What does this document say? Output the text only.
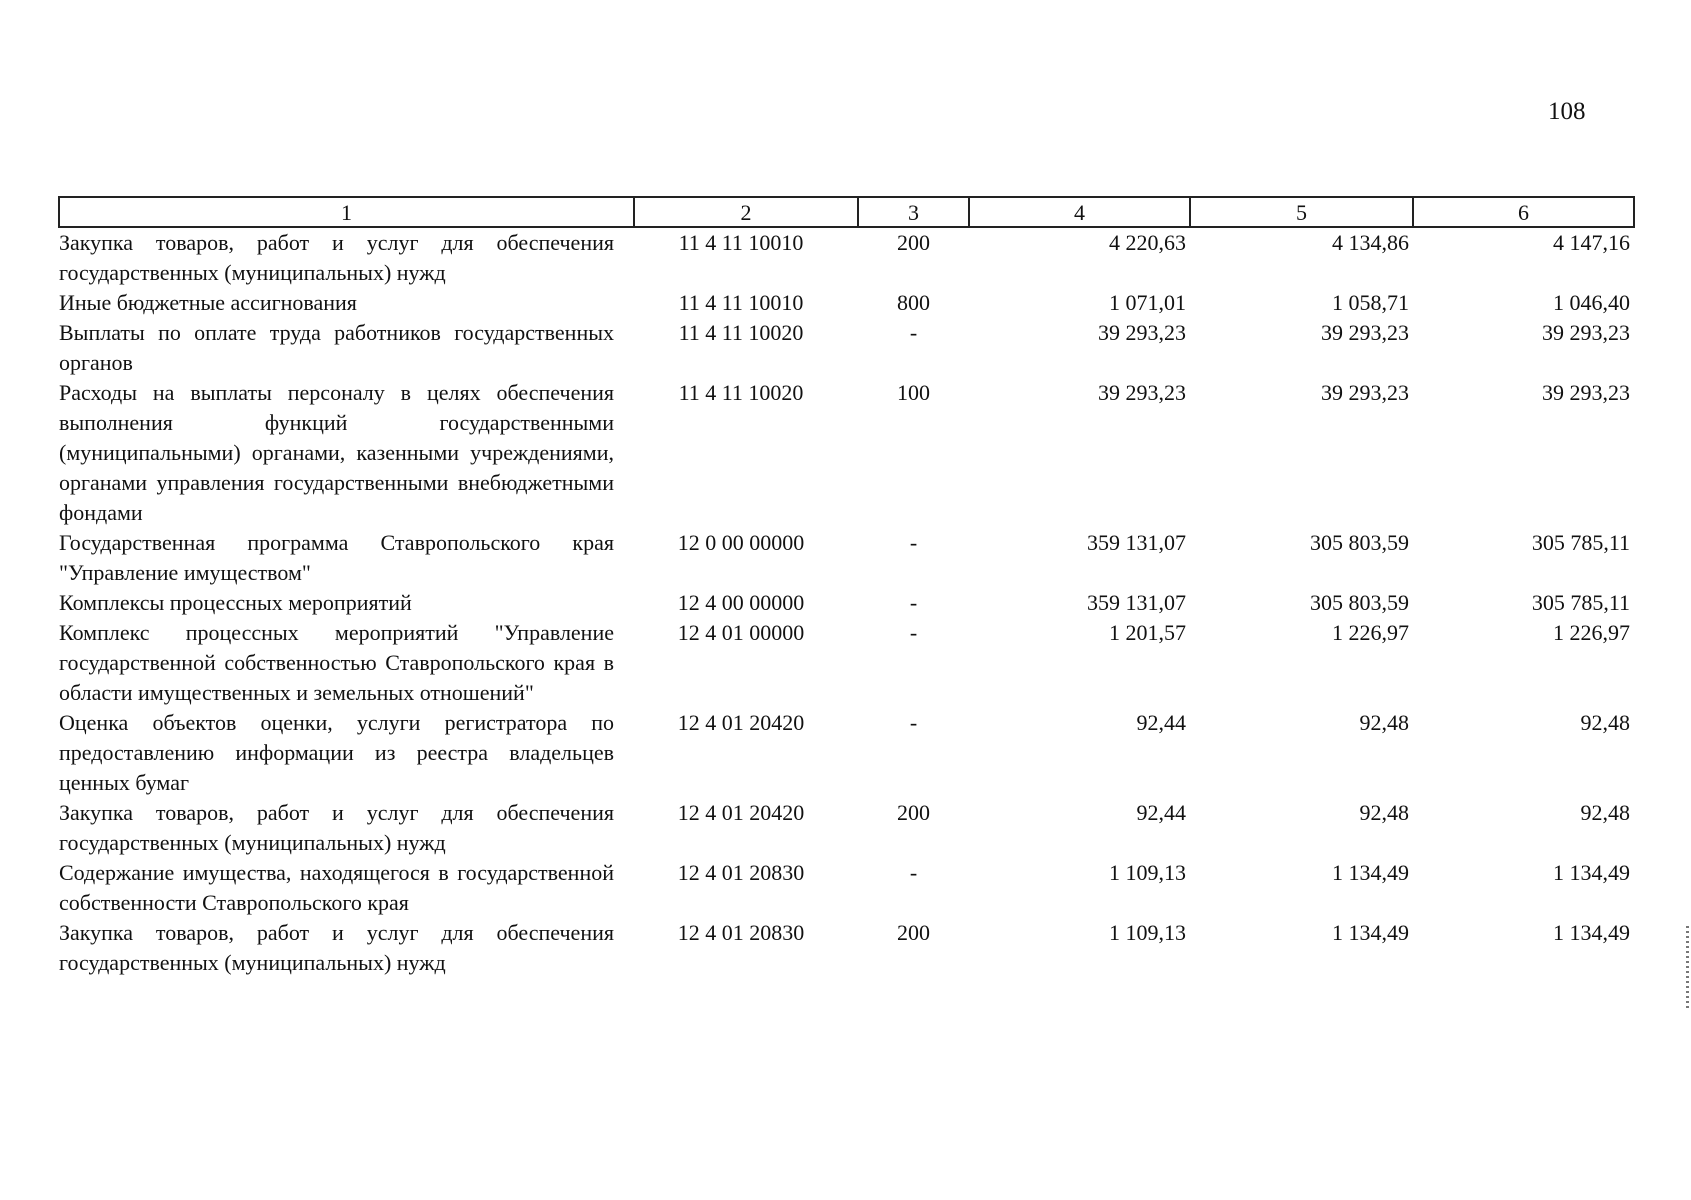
108
1	2	3	4	5	6
Закупка товаров, работ и услуг для обеспечения государственных (муниципальных) нужд	11 4 11 10010	200	4 220,63	4 134,86	4 147,16
Иные бюджетные ассигнования	11 4 11 10010	800	1 071,01	1 058,71	1 046,40
Выплаты по оплате труда работников государственных органов	11 4 11 10020	-	39 293,23	39 293,23	39 293,23
Расходы на выплаты персоналу в целях обеспечения выполнения функций государственными (муниципальными) органами, казенными учреждениями, органами управления государственными внебюджетными фондами	11 4 11 10020	100	39 293,23	39 293,23	39 293,23
Государственная программа Ставропольского края "Управление имуществом"	12 0 00 00000	-	359 131,07	305 803,59	305 785,11
Комплексы процессных мероприятий	12 4 00 00000	-	359 131,07	305 803,59	305 785,11
Комплекс процессных мероприятий "Управление государственной собственностью Ставропольского края в области имущественных и земельных отношений"	12 4 01 00000	-	1 201,57	1 226,97	1 226,97
Оценка объектов оценки, услуги регистратора по предоставлению информации из реестра владельцев ценных бумаг	12 4 01 20420	-	92,44	92,48	92,48
Закупка товаров, работ и услуг для обеспечения государственных (муниципальных) нужд	12 4 01 20420	200	92,44	92,48	92,48
Содержание имущества, находящегося в государственной собственности Ставропольского края	12 4 01 20830	-	1 109,13	1 134,49	1 134,49
Закупка товаров, работ и услуг для обеспечения государственных (муниципальных) нужд	12 4 01 20830	200	1 109,13	1 134,49	1 134,49
